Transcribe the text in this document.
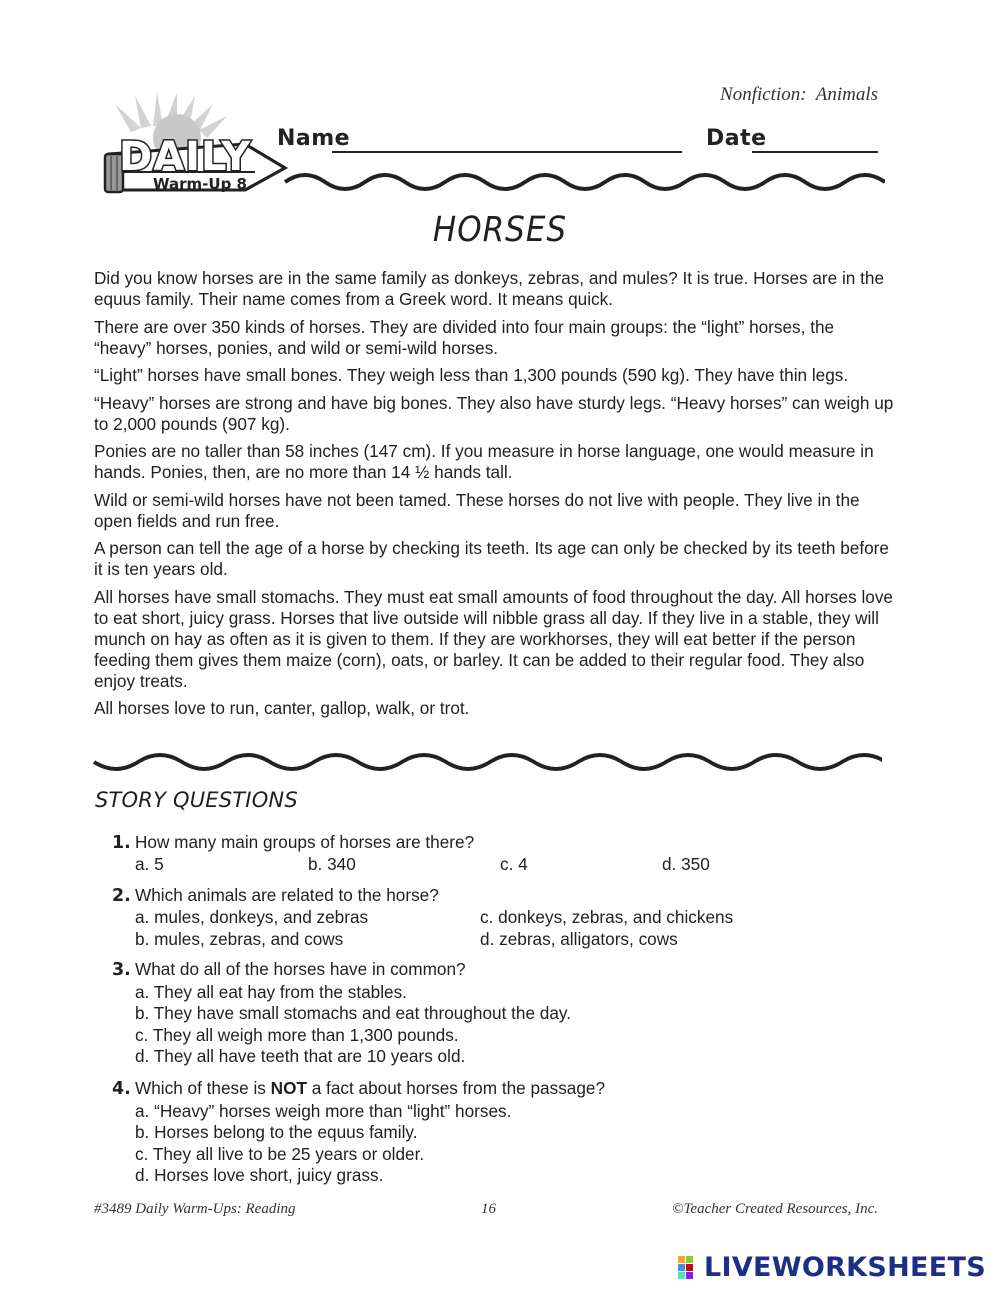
Nonfiction:  Animals
DAILY
Warm-Up 8
Name	Date
HORSES

Did you know horses are in the same family as donkeys, zebras, and mules? It is true. Horses are in the equus family. Their name comes from a Greek word. It means quick.

There are over 350 kinds of horses. They are divided into four main groups: the “light” horses, the “heavy” horses, ponies, and wild or semi-wild horses.

“Light” horses have small bones. They weigh less than 1,300 pounds (590 kg). They have thin legs.

“Heavy” horses are strong and have big bones. They also have sturdy legs. “Heavy horses” can weigh up to 2,000 pounds (907 kg).

Ponies are no taller than 58 inches (147 cm). If you measure in horse language, one would measure in hands. Ponies, then, are no more than 14 ½ hands tall.

Wild or semi-wild horses have not been tamed. These horses do not live with people. They live in the open fields and run free.

A person can tell the age of a horse by checking its teeth. Its age can only be checked by its teeth before it is ten years old.

All horses have small stomachs. They must eat small amounts of food throughout the day. All horses love to eat short, juicy grass. Horses that live outside will nibble grass all day. If they live in a stable, they will munch on hay as often as it is given to them. If they are workhorses, they will eat better if the person feeding them gives them maize (corn), oats, or barley. It can be added to their regular food. They also enjoy treats.

All horses love to run, canter, gallop, walk, or trot.

STORY QUESTIONS
1. How many main groups of horses are there?
a. 5	b. 340	c. 4	d. 350
2. Which animals are related to the horse?
a. mules, donkeys, and zebras	c. donkeys, zebras, and chickens
b. mules, zebras, and cows	d. zebras, alligators, cows
3. What do all of the horses have in common?
a. They all eat hay from the stables.
b. They have small stomachs and eat throughout the day.
c. They all weigh more than 1,300 pounds.
d. They all have teeth that are 10 years old.
4. Which of these is NOT a fact about horses from the passage?
a. “Heavy” horses weigh more than “light” horses.
b. Horses belong to the equus family.
c. They all live to be 25 years or older.
d. Horses love short, juicy grass.
#3489 Daily Warm-Ups: Reading	16	©Teacher Created Resources, Inc.
LIVEWORKSHEETS
